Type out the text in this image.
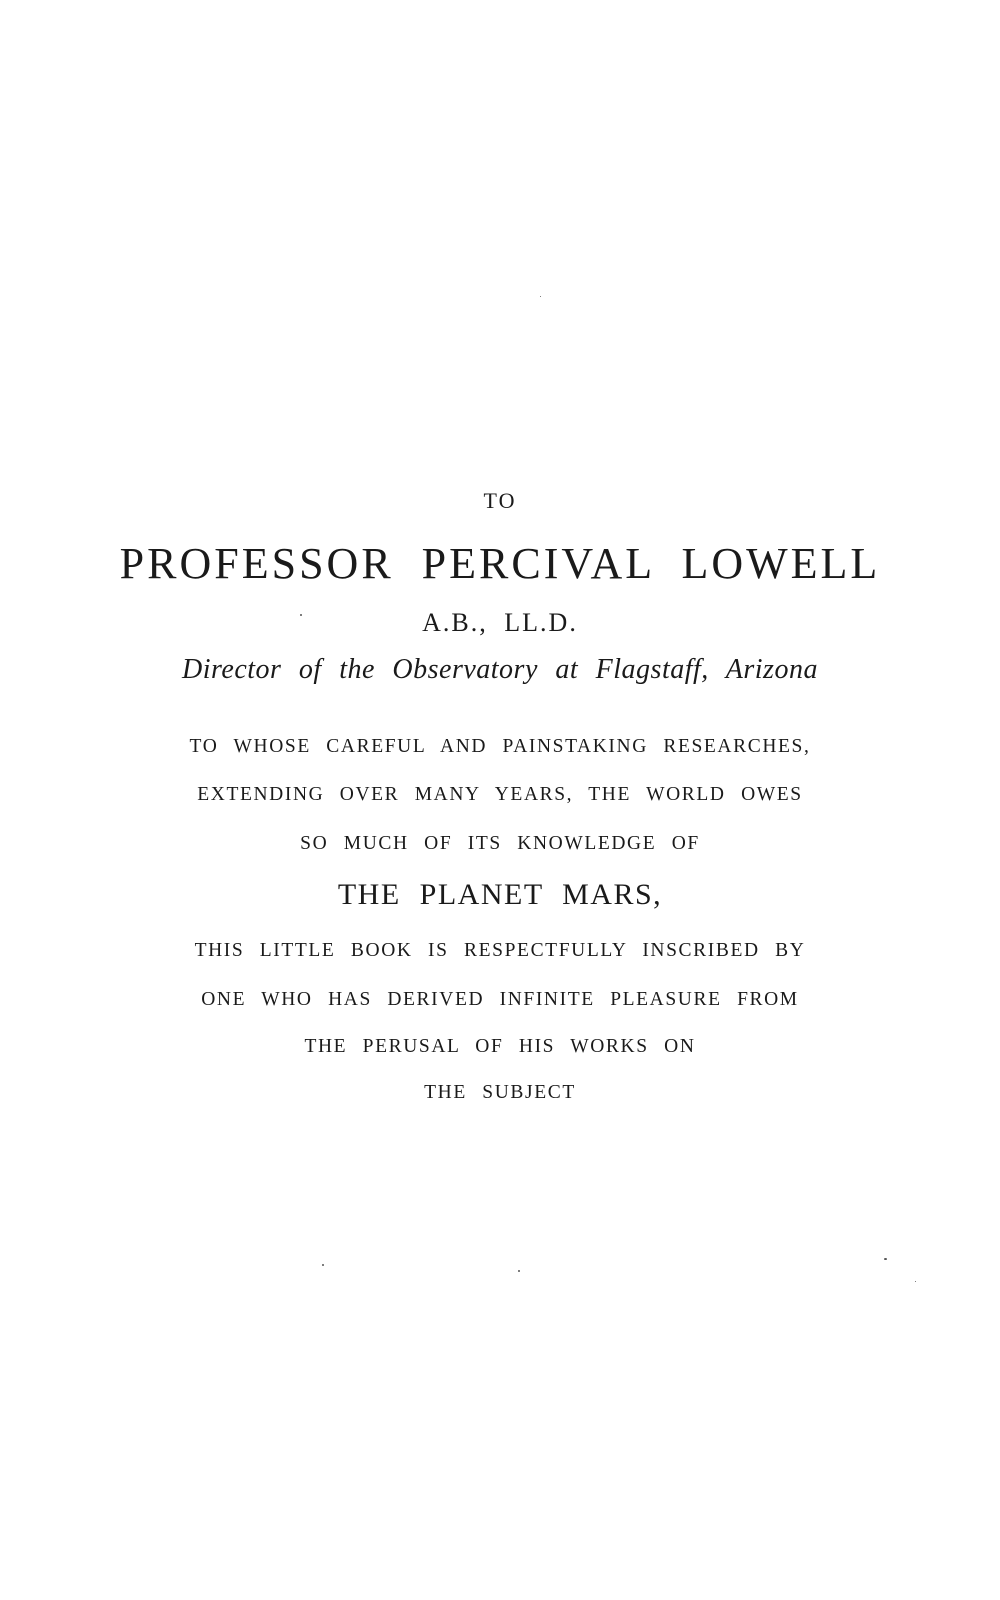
TO
PROFESSOR PERCIVAL LOWELL
A.B., LL.D.
Director of the Observatory at Flagstaff, Arizona
TO WHOSE CAREFUL AND PAINSTAKING RESEARCHES,
EXTENDING OVER MANY YEARS, THE WORLD OWES
SO MUCH OF ITS KNOWLEDGE OF
THE PLANET MARS,
THIS LITTLE BOOK IS RESPECTFULLY INSCRIBED BY
ONE WHO HAS DERIVED INFINITE PLEASURE FROM
THE PERUSAL OF HIS WORKS ON
THE SUBJECT
